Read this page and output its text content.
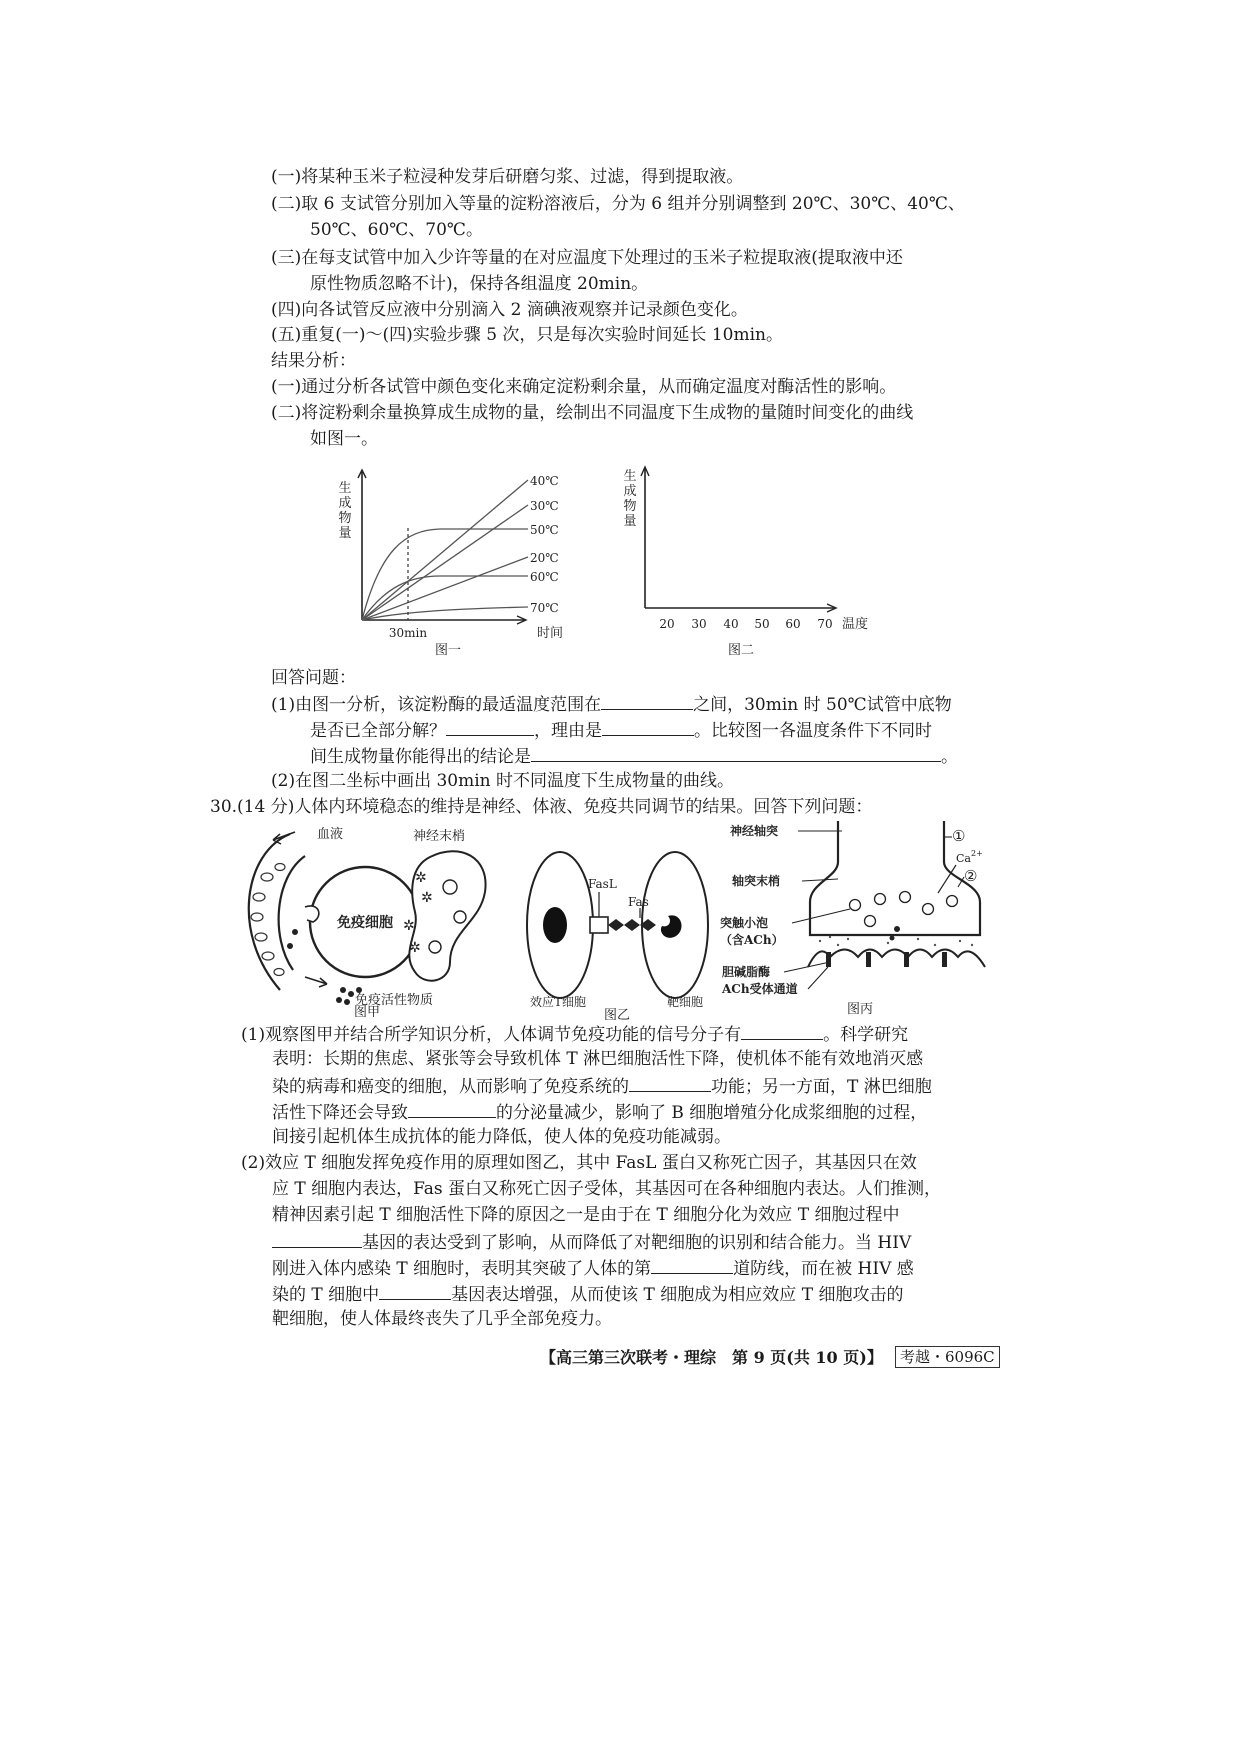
(一)将某种玉米子粒浸种发芽后研磨匀浆、过滤，得到提取液。
(二)取 6 支试管分别加入等量的淀粉溶液后，分为 6 组并分别调整到 20℃、30℃、40℃、
50℃、60℃、70℃。
(三)在每支试管中加入少许等量的在对应温度下处理过的玉米子粒提取液(提取液中还
原性物质忽略不计)，保持各组温度 20min。
(四)向各试管反应液中分别滴入 2 滴碘液观察并记录颜色变化。
(五)重复(一)～(四)实验步骤 5 次，只是每次实验时间延长 10min。
结果分析：
(一)通过分析各试管中颜色变化来确定淀粉剩余量，从而确定温度对酶活性的影响。
(二)将淀粉剩余量换算成生成物的量，绘制出不同温度下生成物的量随时间变化的曲线
如图一。
生
成
物
量
40℃
30℃
50℃
20℃
60℃
70℃
30min	时间
图一
生
成
物
量
20 30 40 50 60 70 温度
图二
回答问题：
(1)由图一分析，该淀粉酶的最适温度范围在	之间，30min 时 50℃试管中底物
是否已全部分解？	，理由是	。比较图一各温度条件下不同时
间生成物量你能得出的结论是	。
(2)在图二坐标中画出 30min 时不同温度下生成物量的曲线。
30.(14 分)人体内环境稳态的维持是神经、体液、免疫共同调节的结果。回答下列问题：
血液
免疫细胞
免疫活性物质
✲
✲
✲
✲
神经末梢
图甲
FasL
Fas
效应T细胞	靶细胞
图乙
神经轴突
轴突末梢
突触小泡
（含ACh）
胆碱脂酶
ACh受体通道
①
②
Ca 2+
图丙
(1)观察图甲并结合所学知识分析，人体调节免疫功能的信号分子有	。科学研究
表明：长期的焦虑、紧张等会导致机体 T 淋巴细胞活性下降，使机体不能有效地消灭感
染的病毒和癌变的细胞，从而影响了免疫系统的	功能；另一方面，T 淋巴细胞
活性下降还会导致	的分泌量减少，影响了 B 细胞增殖分化成浆细胞的过程，
间接引起机体生成抗体的能力降低，使人体的免疫功能减弱。
(2)效应 T 细胞发挥免疫作用的原理如图乙，其中 FasL 蛋白又称死亡因子，其基因只在效
应 T 细胞内表达，Fas 蛋白又称死亡因子受体，其基因可在各种细胞内表达。人们推测，
精神因素引起 T 细胞活性下降的原因之一是由于在 T 细胞分化为效应 T 细胞过程中
基因的表达受到了影响，从而降低了对靶细胞的识别和结合能力。当 HIV
刚进入体内感染 T 细胞时，表明其突破了人体的第	道防线，而在被 HIV 感
染的 T 细胞中	基因表达增强，从而使该 T 细胞成为相应效应 T 细胞攻击的
靶细胞，使人体最终丧失了几乎全部免疫力。
【高三第三次联考・理综　第 9 页(共 10 页)】	考越・6096C
